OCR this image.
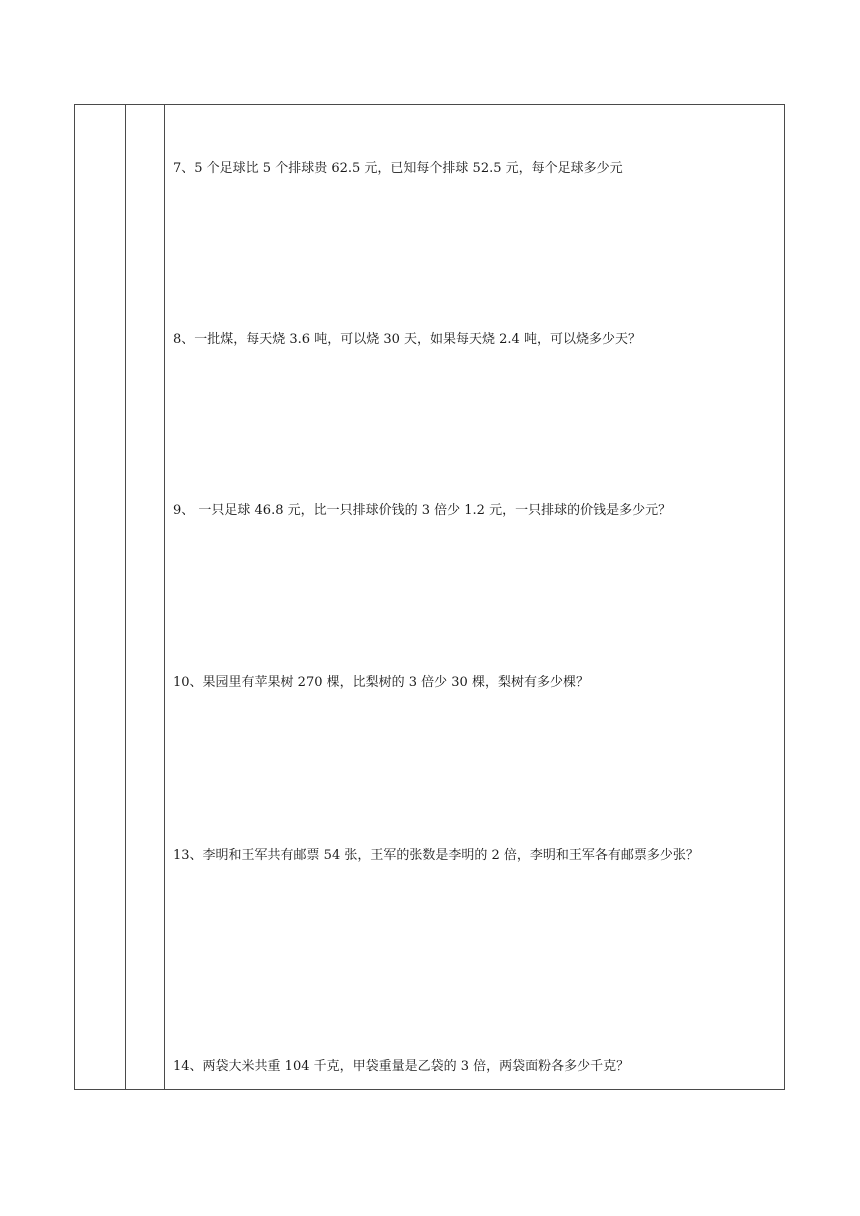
7、5 个足球比 5 个排球贵 62.5 元，已知每个排球 52.5 元，每个足球多少元

8、一批煤，每天烧 3.6 吨，可以烧 30 天，如果每天烧 2.4 吨，可以烧多少天？

9、 一只足球 46.8 元，比一只排球价钱的 3 倍少 1.2 元，一只排球的价钱是多少元？

10、果园里有苹果树 270 棵，比梨树的 3 倍少 30 棵，梨树有多少棵？

13、李明和王军共有邮票 54 张，王军的张数是李明的 2 倍，李明和王军各有邮票多少张？

14、两袋大米共重 104 千克，甲袋重量是乙袋的 3 倍，两袋面粉各多少千克？
